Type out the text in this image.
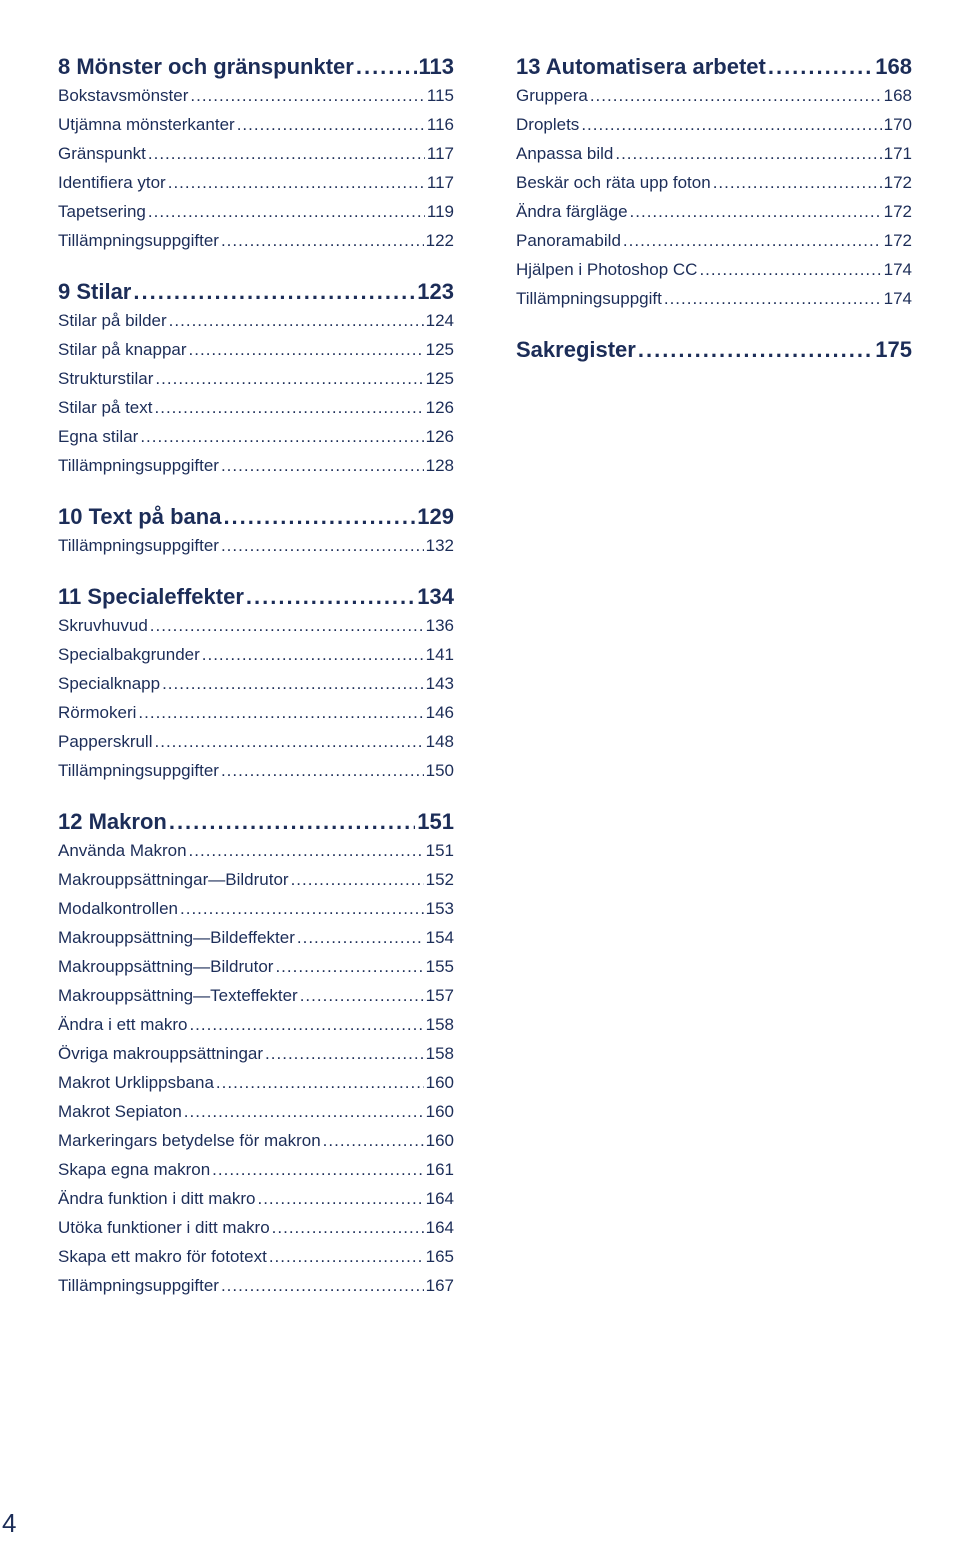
8 Mönster och gränspunkter .....	113
Bokstavsmönster .....	115
Utjämna mönsterkanter .....	116
Gränspunkt .....	117
Identifiera ytor .....	117
Tapetsering .....	119
Tillämpningsuppgifter .....	122
9 Stilar .....	123
Stilar på bilder .....	124
Stilar på knappar .....	125
Strukturstilar .....	125
Stilar på text .....	126
Egna stilar .....	126
Tillämpningsuppgifter .....	128
10 Text på bana .....	129
Tillämpningsuppgifter .....	132
11 Specialeffekter .....	134
Skruvhuvud .....	136
Specialbakgrunder .....	141
Specialknapp .....	143
Rörmokeri .....	146
Papperskrull .....	148
Tillämpningsuppgifter .....	150
12 Makron .....	151
Använda Makron .....	151
Makrouppsättningar—Bildrutor .....	152
Modalkontrollen .....	153
Makrouppsättning—Bildeffekter .....	154
Makrouppsättning—Bildrutor .....	155
Makrouppsättning—Texteffekter .....	157
Ändra i ett makro .....	158
Övriga makrouppsättningar .....	158
Makrot Urklippsbana .....	160
Makrot Sepiaton .....	160
Markeringars betydelse för makron .....	160
Skapa egna makron .....	161
Ändra funktion i ditt makro .....	164
Utöka funktioner i ditt makro .....	164
Skapa ett makro för fototext .....	165
Tillämpningsuppgifter .....	167
13 Automatisera arbetet .....	168
Gruppera .....	168
Droplets .....	170
Anpassa bild .....	171
Beskär och räta upp foton .....	172
Ändra färgläge .....	172
Panoramabild .....	172
Hjälpen i Photoshop CC .....	174
Tillämpningsuppgift .....	174
Sakregister .....	175
4
